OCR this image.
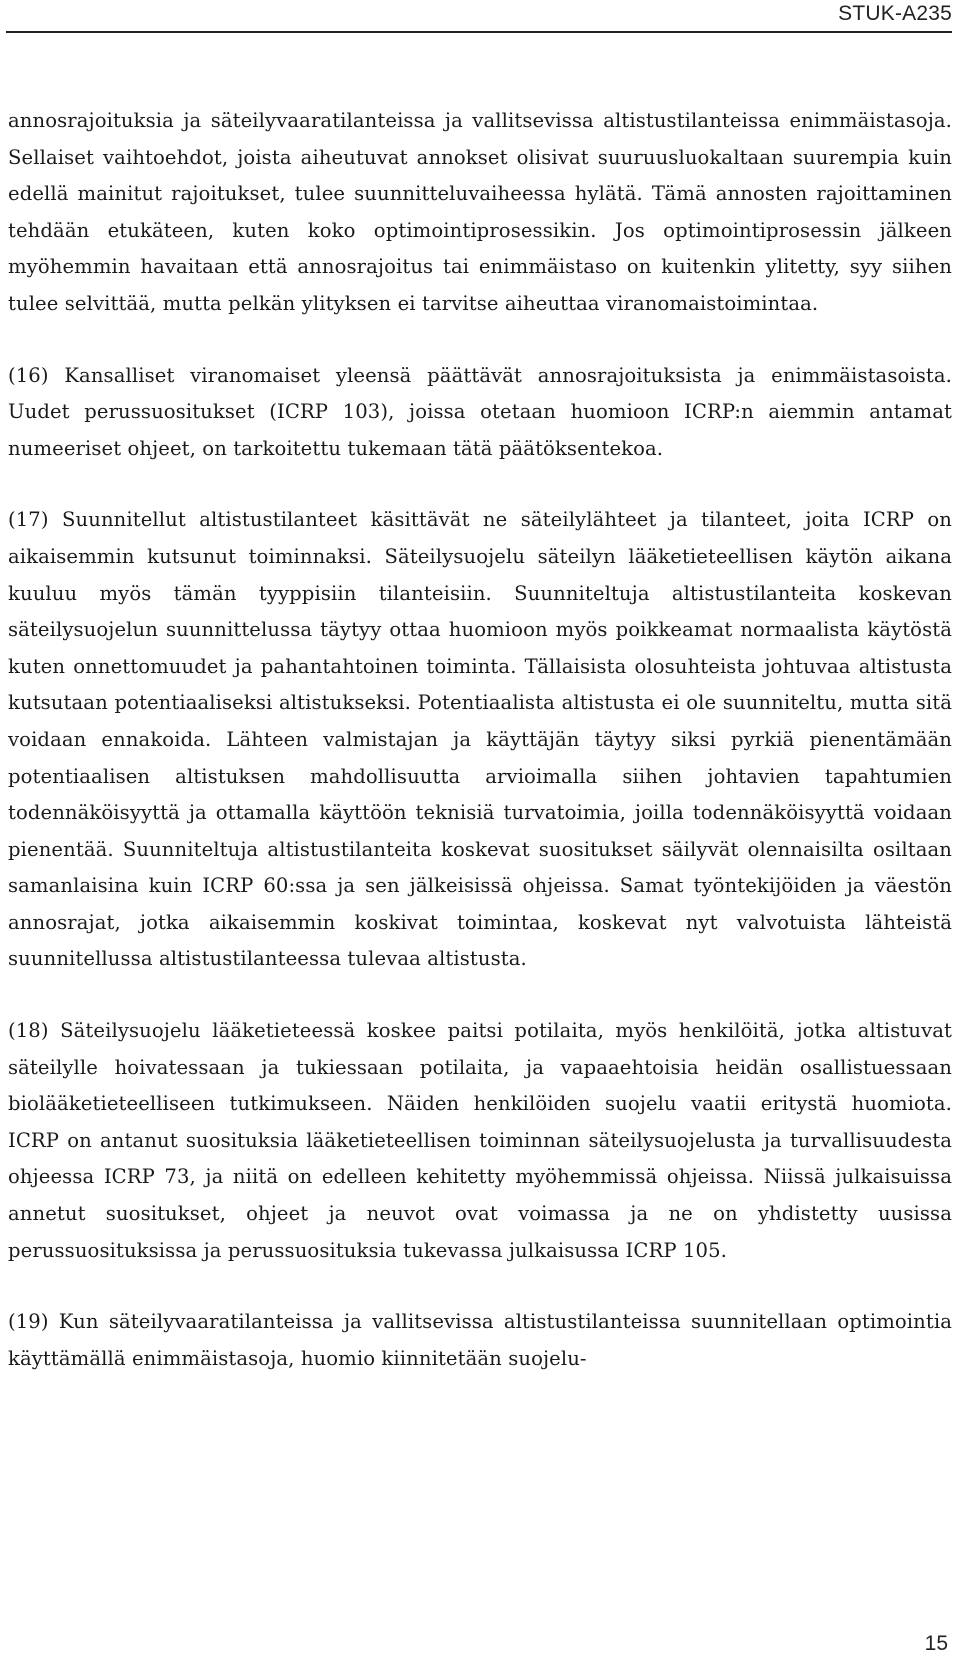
STUK-A235

annosrajoituksia ja säteilyvaaratilanteissa ja vallitsevissa altistustilanteissa enimmäistasoja. Sellaiset vaihtoehdot, joista aiheutuvat annokset olisivat suuruusluokaltaan suurempia kuin edellä mainitut rajoitukset, tulee suunnitteluvaiheessa hylätä. Tämä annosten rajoittaminen tehdään etukäteen, kuten koko optimointiprosessikin. Jos optimointiprosessin jälkeen myöhemmin havaitaan että annosrajoitus tai enimmäistaso on kuitenkin ylitetty, syy siihen tulee selvittää, mutta pelkän ylityksen ei tarvitse aiheuttaa viranomaistoimintaa.

(16) Kansalliset viranomaiset yleensä päättävät annosrajoituksista ja enimmäistasoista. Uudet perussuositukset (ICRP 103), joissa otetaan huomioon ICRP:n aiemmin antamat numeeriset ohjeet, on tarkoitettu tukemaan tätä päätöksentekoa.

(17) Suunnitellut altistustilanteet käsittävät ne säteilylähteet ja tilanteet, joita ICRP on aikaisemmin kutsunut toiminnaksi. Säteilysuojelu säteilyn lääketieteellisen käytön aikana kuuluu myös tämän tyyppisiin tilanteisiin. Suunniteltuja altistustilanteita koskevan säteilysuojelun suunnittelussa täytyy ottaa huomioon myös poikkeamat normaalista käytöstä kuten onnettomuudet ja pahantahtoinen toiminta. Tällaisista olosuhteista johtuvaa altistusta kutsutaan potentiaaliseksi altistukseksi. Potentiaalista altistusta ei ole suunniteltu, mutta sitä voidaan ennakoida. Lähteen valmistajan ja käyttäjän täytyy siksi pyrkiä pienentämään potentiaalisen altistuksen mahdollisuutta arvioimalla siihen johtavien tapahtumien todennäköisyyttä ja ottamalla käyttöön teknisiä turvatoimia, joilla todennäköisyyttä voidaan pienentää. Suunniteltuja altistustilanteita koskevat suositukset säilyvät olennaisilta osiltaan samanlaisina kuin ICRP 60:ssa ja sen jälkeisissä ohjeissa. Samat työntekijöiden ja väestön annosrajat, jotka aikaisemmin koskivat toimintaa, koskevat nyt valvotuista lähteistä suunnitellussa altistustilanteessa tulevaa altistusta.

(18) Säteilysuojelu lääketieteessä koskee paitsi potilaita, myös henkilöitä, jotka altistuvat säteilylle hoivatessaan ja tukiessaan potilaita, ja vapaaehtoisia heidän osallistuessaan biolääketieteelliseen tutkimukseen. Näiden henkilöiden suojelu vaatii eritystä huomiota. ICRP on antanut suosituksia lääketieteellisen toiminnan säteilysuojelusta ja turvallisuudesta ohjeessa ICRP 73, ja niitä on edelleen kehitetty myöhemmissä ohjeissa. Niissä julkaisuissa annetut suositukset, ohjeet ja neuvot ovat voimassa ja ne on yhdistetty uusissa perussuosituksissa ja perussuosituksia tukevassa julkaisussa ICRP 105.

(19) Kun säteilyvaaratilanteissa ja vallitsevissa altistustilanteissa suunnitellaan optimointia käyttämällä enimmäistasoja, huomio kiinnitetään suojelu-

15
